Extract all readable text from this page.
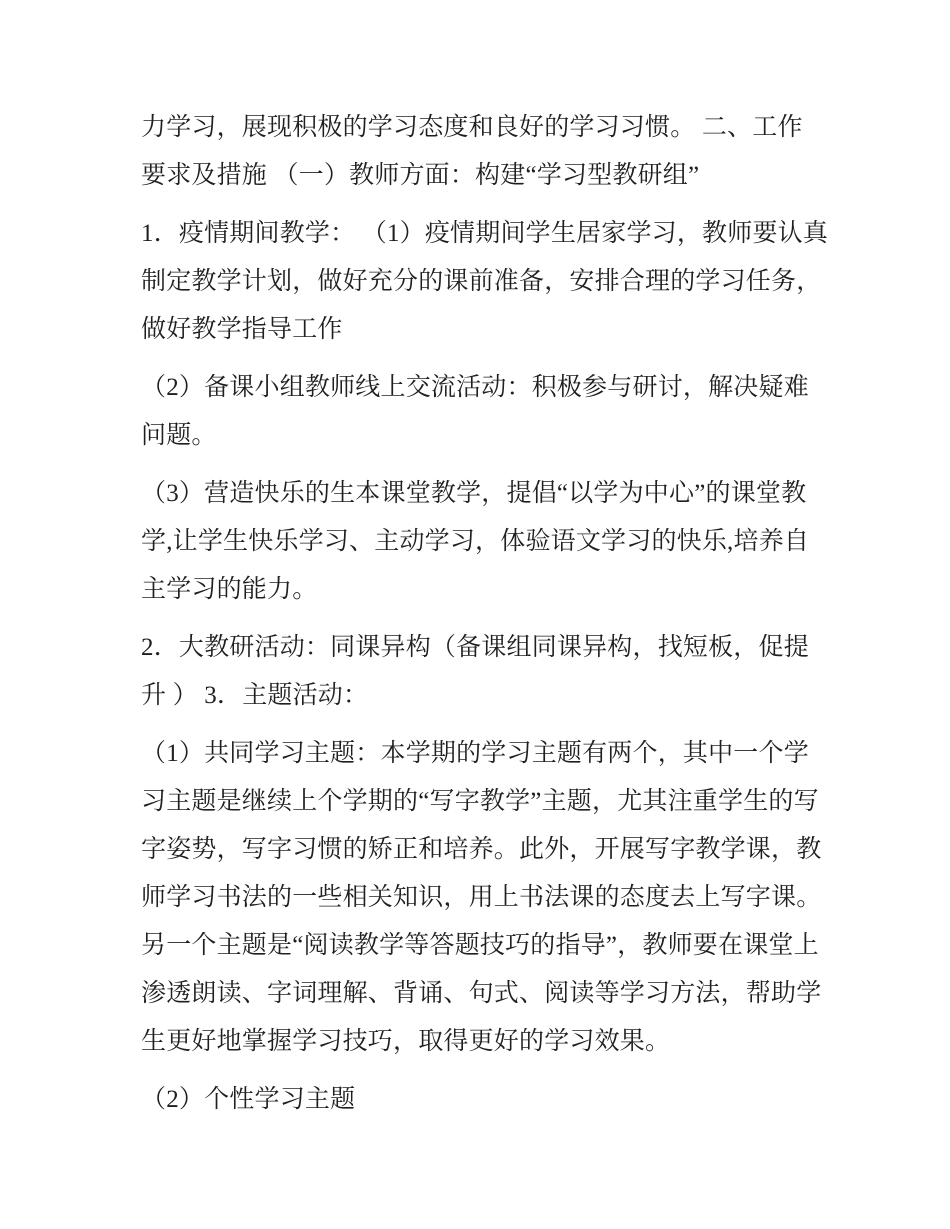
力学习，展现积极的学习态度和良好的学习习惯。 二、工作
要求及措施 （一）教师方面：构建“学习型教研组”

1．疫情期间教学： （1）疫情期间学生居家学习，教师要认真
制定教学计划，做好充分的课前准备，安排合理的学习任务，
做好教学指导工作

（2）备课小组教师线上交流活动：积极参与研讨，解决疑难
问题。

（3）营造快乐的生本课堂教学，提倡“以学为中心”的课堂教
学,让学生快乐学习、主动学习，体验语文学习的快乐,培养自
主学习的能力。

2．大教研活动：同课异构（备课组同课异构，找短板，促提
升 ） 3．主题活动：

（1）共同学习主题：本学期的学习主题有两个，其中一个学
习主题是继续上个学期的“写字教学”主题，尤其注重学生的写
字姿势，写字习惯的矫正和培养。此外，开展写字教学课，教
师学习书法的一些相关知识，用上书法课的态度去上写字课。
另一个主题是“阅读教学等答题技巧的指导”，教师要在课堂上
渗透朗读、字词理解、背诵、句式、阅读等学习方法，帮助学
生更好地掌握学习技巧，取得更好的学习效果。

（2）个性学习主题
